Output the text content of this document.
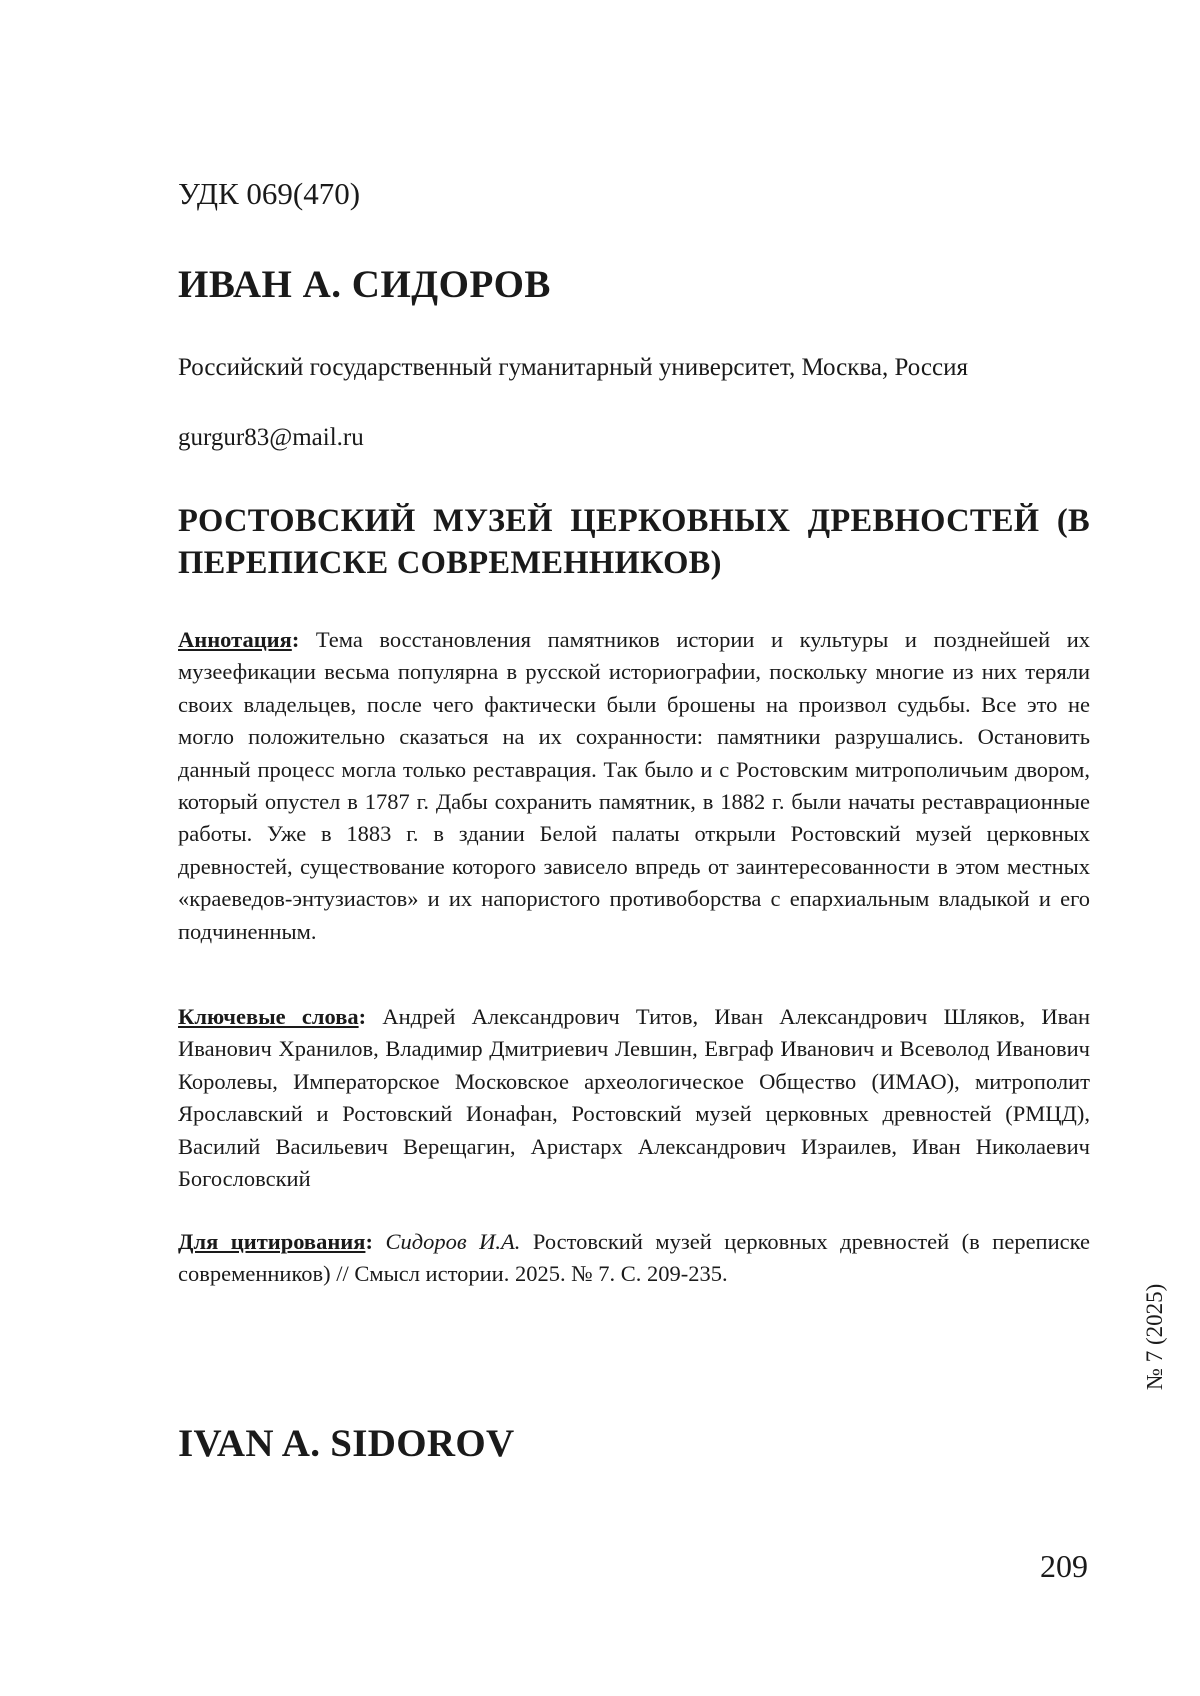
УДК 069(470)
ИВАН А. СИДОРОВ
Российский государственный гуманитарный университет, Москва, Россия
gurgur83@mail.ru
РОСТОВСКИЙ МУЗЕЙ ЦЕРКОВНЫХ ДРЕВНОСТЕЙ (В ПЕРЕПИСКЕ СОВРЕМЕННИКОВ)
Аннотация: Тема восстановления памятников истории и культуры и позднейшей их музеефикации весьма популярна в русской историографии, поскольку мно­гие из них теряли своих владельцев, после чего фактически были брошены на произвол судьбы. Все это не могло положительно сказаться на их сохранности: памятники разрушались. Остановить данный процесс могла только реставра­ция. Так было и с Ростовским митрополичьим двором, который опустел в 1787 г. Дабы сохранить памятник, в 1882 г. были начаты реставрационные работы. Уже в 1883 г. в здании Белой палаты открыли Ростовский музей церковных древностей, существование которого зависело впредь от заинтересованности в этом местных «краеведов-энтузиастов» и их напористого противоборства с епархиальным вла­дыкой и его подчиненным.
Ключевые слова: Андрей Александрович Титов, Иван Александрович Шляков, Иван Иванович Хранилов, Владимир Дмитриевич Левшин, Евграф Иванович и Всеволод Иванович Королевы, Императорское Московское археологическое Об­щество (ИМАО), митрополит Ярославский и Ростовский Ионафан, Ростовский музей церковных древностей (РМЦД), Василий Васильевич Верещагин, Ари­старх Александрович Израилев, Иван Николаевич Богословский
Для цитирования: Сидоров И.А. Ростовский музей церковных древностей (в пе­реписке современников) // Смысл истории. 2025. № 7. С. 209-235.
IVAN A. SIDOROV
№ 7 (2025)
209
